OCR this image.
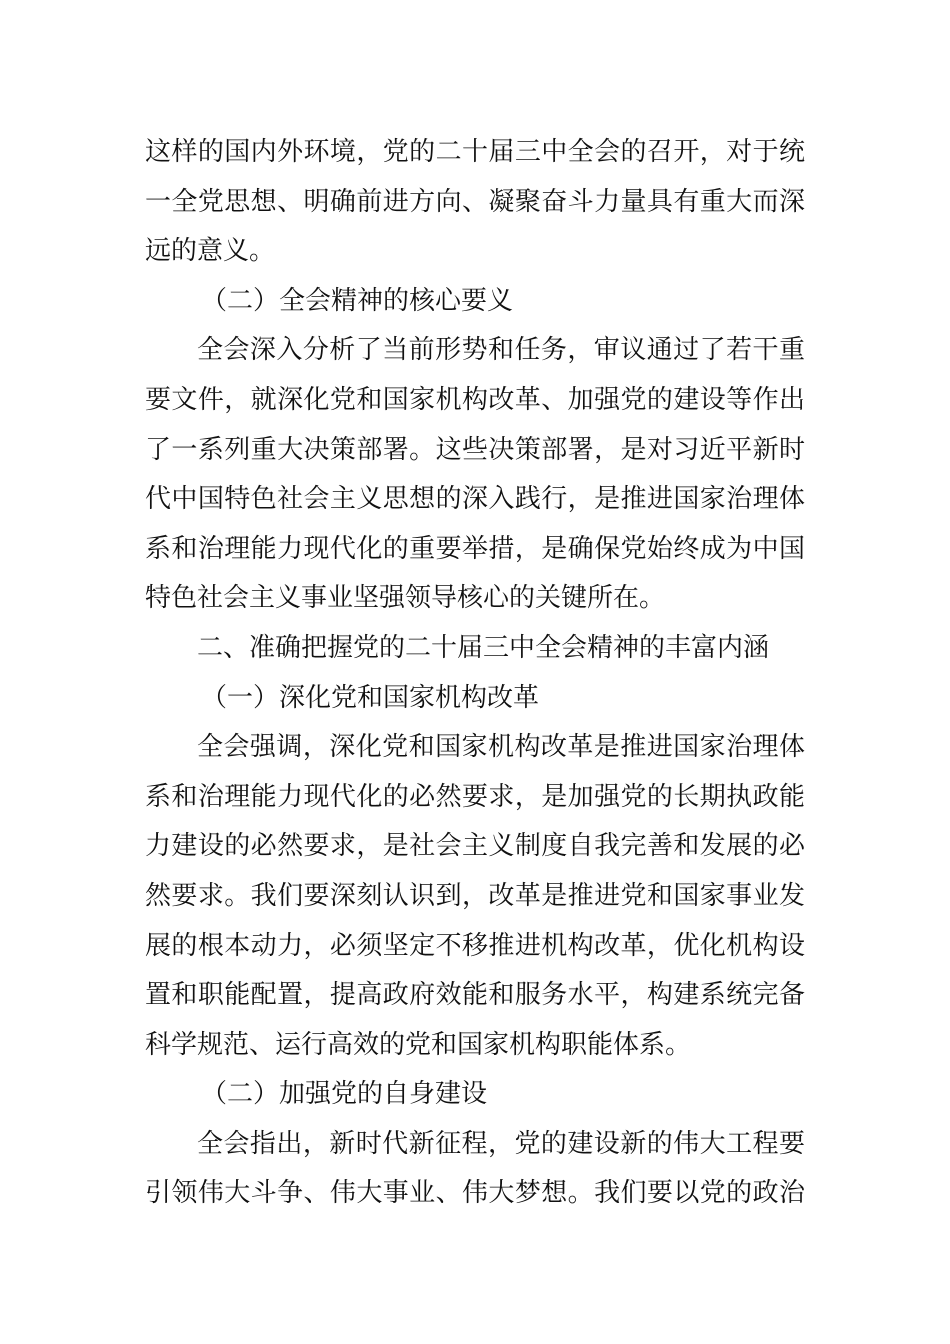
这样的国内外环境，党的二十届三中全会的召开，对于统
一全党思想、明确前进方向、凝聚奋斗力量具有重大而深
远的意义。
（二）全会精神的核心要义
全会深入分析了当前形势和任务，审议通过了若干重
要文件，就深化党和国家机构改革、加强党的建设等作出
了一系列重大决策部署。这些决策部署，是对习近平新时
代中国特色社会主义思想的深入践行，是推进国家治理体
系和治理能力现代化的重要举措，是确保党始终成为中国
特色社会主义事业坚强领导核心的关键所在。
二、准确把握党的二十届三中全会精神的丰富内涵
（一）深化党和国家机构改革
全会强调，深化党和国家机构改革是推进国家治理体
系和治理能力现代化的必然要求，是加强党的长期执政能
力建设的必然要求，是社会主义制度自我完善和发展的必
然要求。我们要深刻认识到，改革是推进党和国家事业发
展的根本动力，必须坚定不移推进机构改革，优化机构设
置和职能配置，提高政府效能和服务水平，构建系统完备
科学规范、运行高效的党和国家机构职能体系。
（二）加强党的自身建设
全会指出，新时代新征程，党的建设新的伟大工程要
引领伟大斗争、伟大事业、伟大梦想。我们要以党的政治
